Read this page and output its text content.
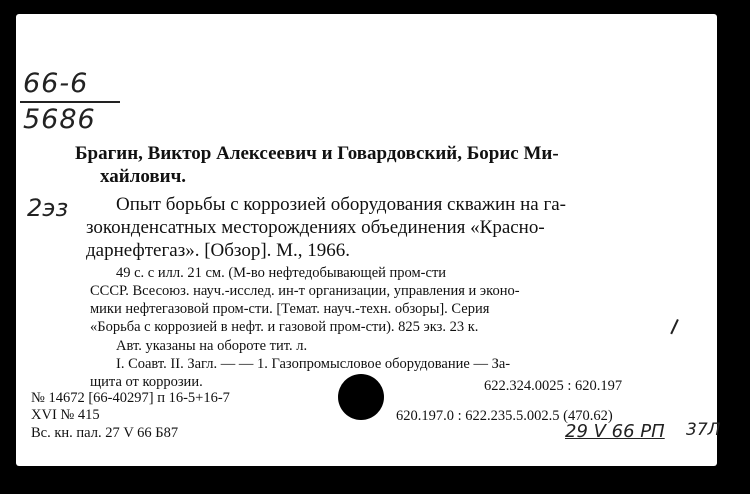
66-6
5686
Брагин, Виктор Алексеевич и Говардовский, Борис Ми-
хайлович.
2эз	Опыт борьбы с коррозией оборудования скважин на га-
зоконденсатных месторождениях объединения «Красно-
дарнефтегаз». [Обзор]. М., 1966.
49 с. с илл. 21 см. (М-во нефтедобывающей пром-сти
СССР. Всесоюз. науч.-исслед. ин-т организации, управления и эконо-
мики нефтегазовой пром-сти. [Темат. науч.-техн. обзоры]. Серия
«Борьба с коррозией в нефт. и газовой пром-сти). 825 экз. 23 к.
Авт. указаны на обороте тит. л.
I. Соавт. II. Загл. — — 1. Газопромысловое оборудование — За-
щита от коррозии.	622.324.0025 : 620.197
№ 14672 [66-40297] п 16-5+16-7
XVI № 415	620.197.0 : 622.235.5.002.5 (470.62)
Вс. кн. пал. 27 V 66 Б87	29 V 66 РП 37Л
